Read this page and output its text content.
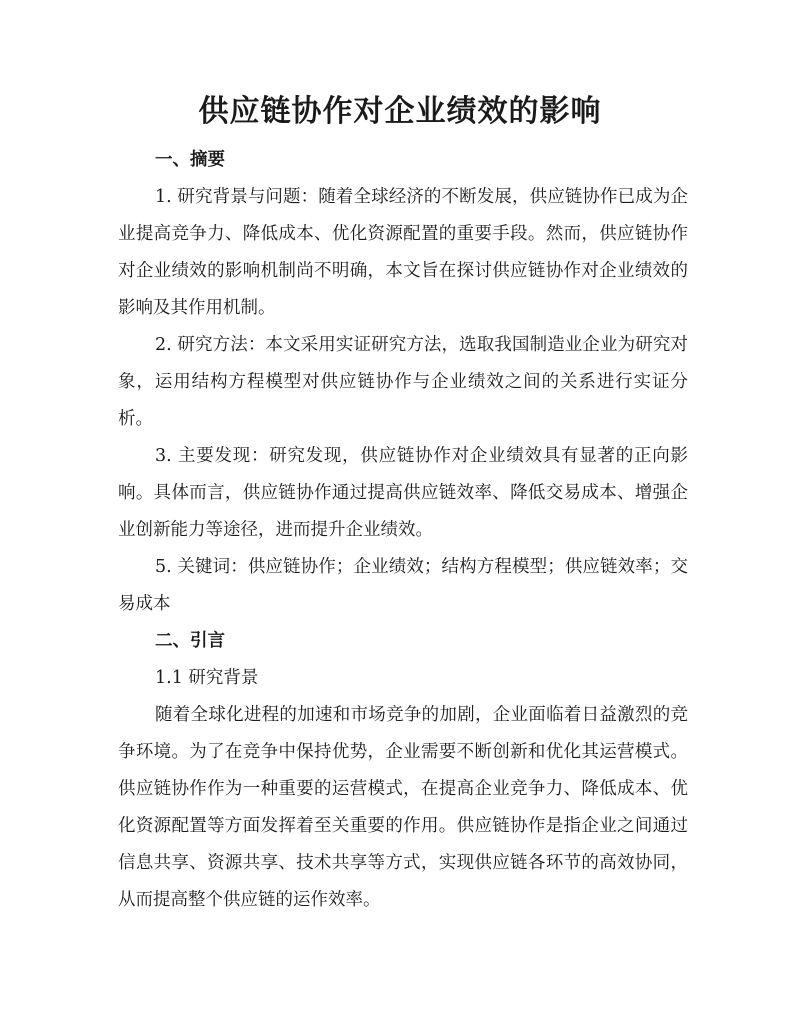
供应链协作对企业绩效的影响

一、摘要

1. 研究背景与问题：随着全球经济的不断发展，供应链协作已成为企业提高竞争力、降低成本、优化资源配置的重要手段。然而，供应链协作对企业绩效的影响机制尚不明确，本文旨在探讨供应链协作对企业绩效的影响及其作用机制。

2. 研究方法：本文采用实证研究方法，选取我国制造业企业为研究对象，运用结构方程模型对供应链协作与企业绩效之间的关系进行实证分析。

3. 主要发现：研究发现，供应链协作对企业绩效具有显著的正向影响。具体而言，供应链协作通过提高供应链效率、降低交易成本、增强企业创新能力等途径，进而提升企业绩效。

5. 关键词：供应链协作；企业绩效；结构方程模型；供应链效率；交易成本

二、引言

1.1 研究背景

随着全球化进程的加速和市场竞争的加剧，企业面临着日益激烈的竞争环境。为了在竞争中保持优势，企业需要不断创新和优化其运营模式。供应链协作作为一种重要的运营模式，在提高企业竞争力、降低成本、优化资源配置等方面发挥着至关重要的作用。供应链协作是指企业之间通过信息共享、资源共享、技术共享等方式，实现供应链各环节的高效协同，从而提高整个供应链的运作效率。
